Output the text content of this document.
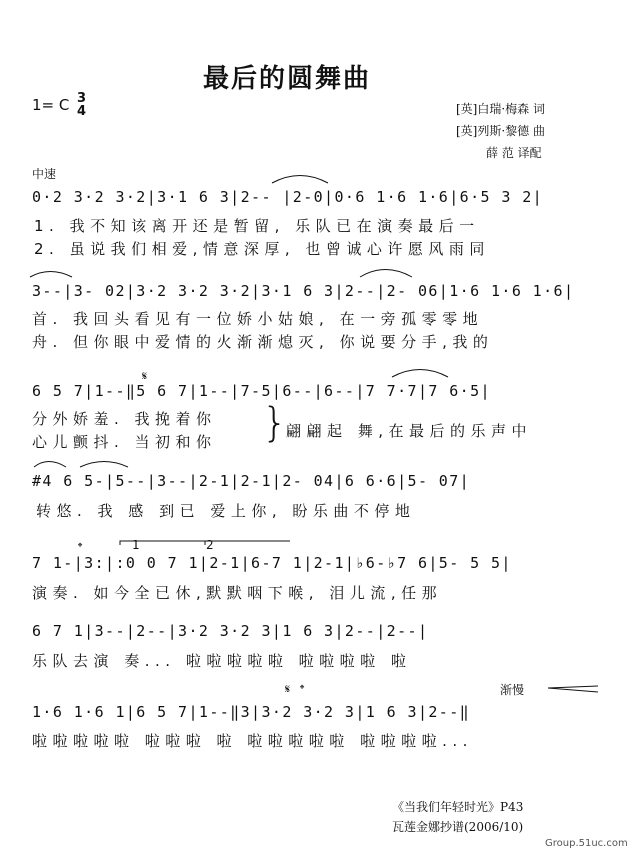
最后的圆舞曲
1= C 3
4	[英]白瑞·梅森 词
[英]列斯·黎德 曲
薛 范 译配
中速
0·2 3·2 3·2|3·1 6 3|2-- |2-0|0·6 1·6 1·6|6·5 3 2|
1. 我不知该离开还是暂留, 乐队已在演奏最后一
2. 虽说我们相爱,情意深厚, 也曾诚心许愿风雨同
3--|3- 02|3·2 3·2 3·2|3·1 6 3|2--|2- 06|1·6 1·6 1·6|
首. 我回头看见有一位娇小姑娘, 在一旁孤零零地
舟. 但你眼中爱情的火渐渐熄灭, 你说要分手,我的
6 5 7|1--‖5 6 7|1--|7-5|6--|6--|7 7·7|7 6·5|
分外娇羞. 我挽着你
心儿颤抖. 当初和你 }
翩翩起 舞,在最后的乐声中
#4 6 5-|5--|3--|2-1|2-1|2- 04|6 6·6|5- 07|
转悠. 我 感 到已 爱上你, 盼乐曲不停地
1	2
7 1-|3:|:0 0 7 1|2-1|6-7 1|2-1|♭6-♭7 6|5- 5 5|
演奏. 如今全已休,默默咽下喉, 泪儿流,任那
6 7 1|3--|2--|3·2 3·2 3|1 6 3|2--|2--|
乐队去演 奏... 啦啦啦啦啦 啦啦啦啦 啦
渐慢
1·6 1·6 1|6 5 7|1--‖3|3·2 3·2 3|1 6 3|2--‖
啦啦啦啦啦 啦啦啦 啦 啦啦啦啦啦 啦啦啦啦...
《当我们年轻时光》P43
瓦莲金娜抄谱(2006/10)
Group.51uc.com
𝄋
𝄌
𝄋 𝄌
